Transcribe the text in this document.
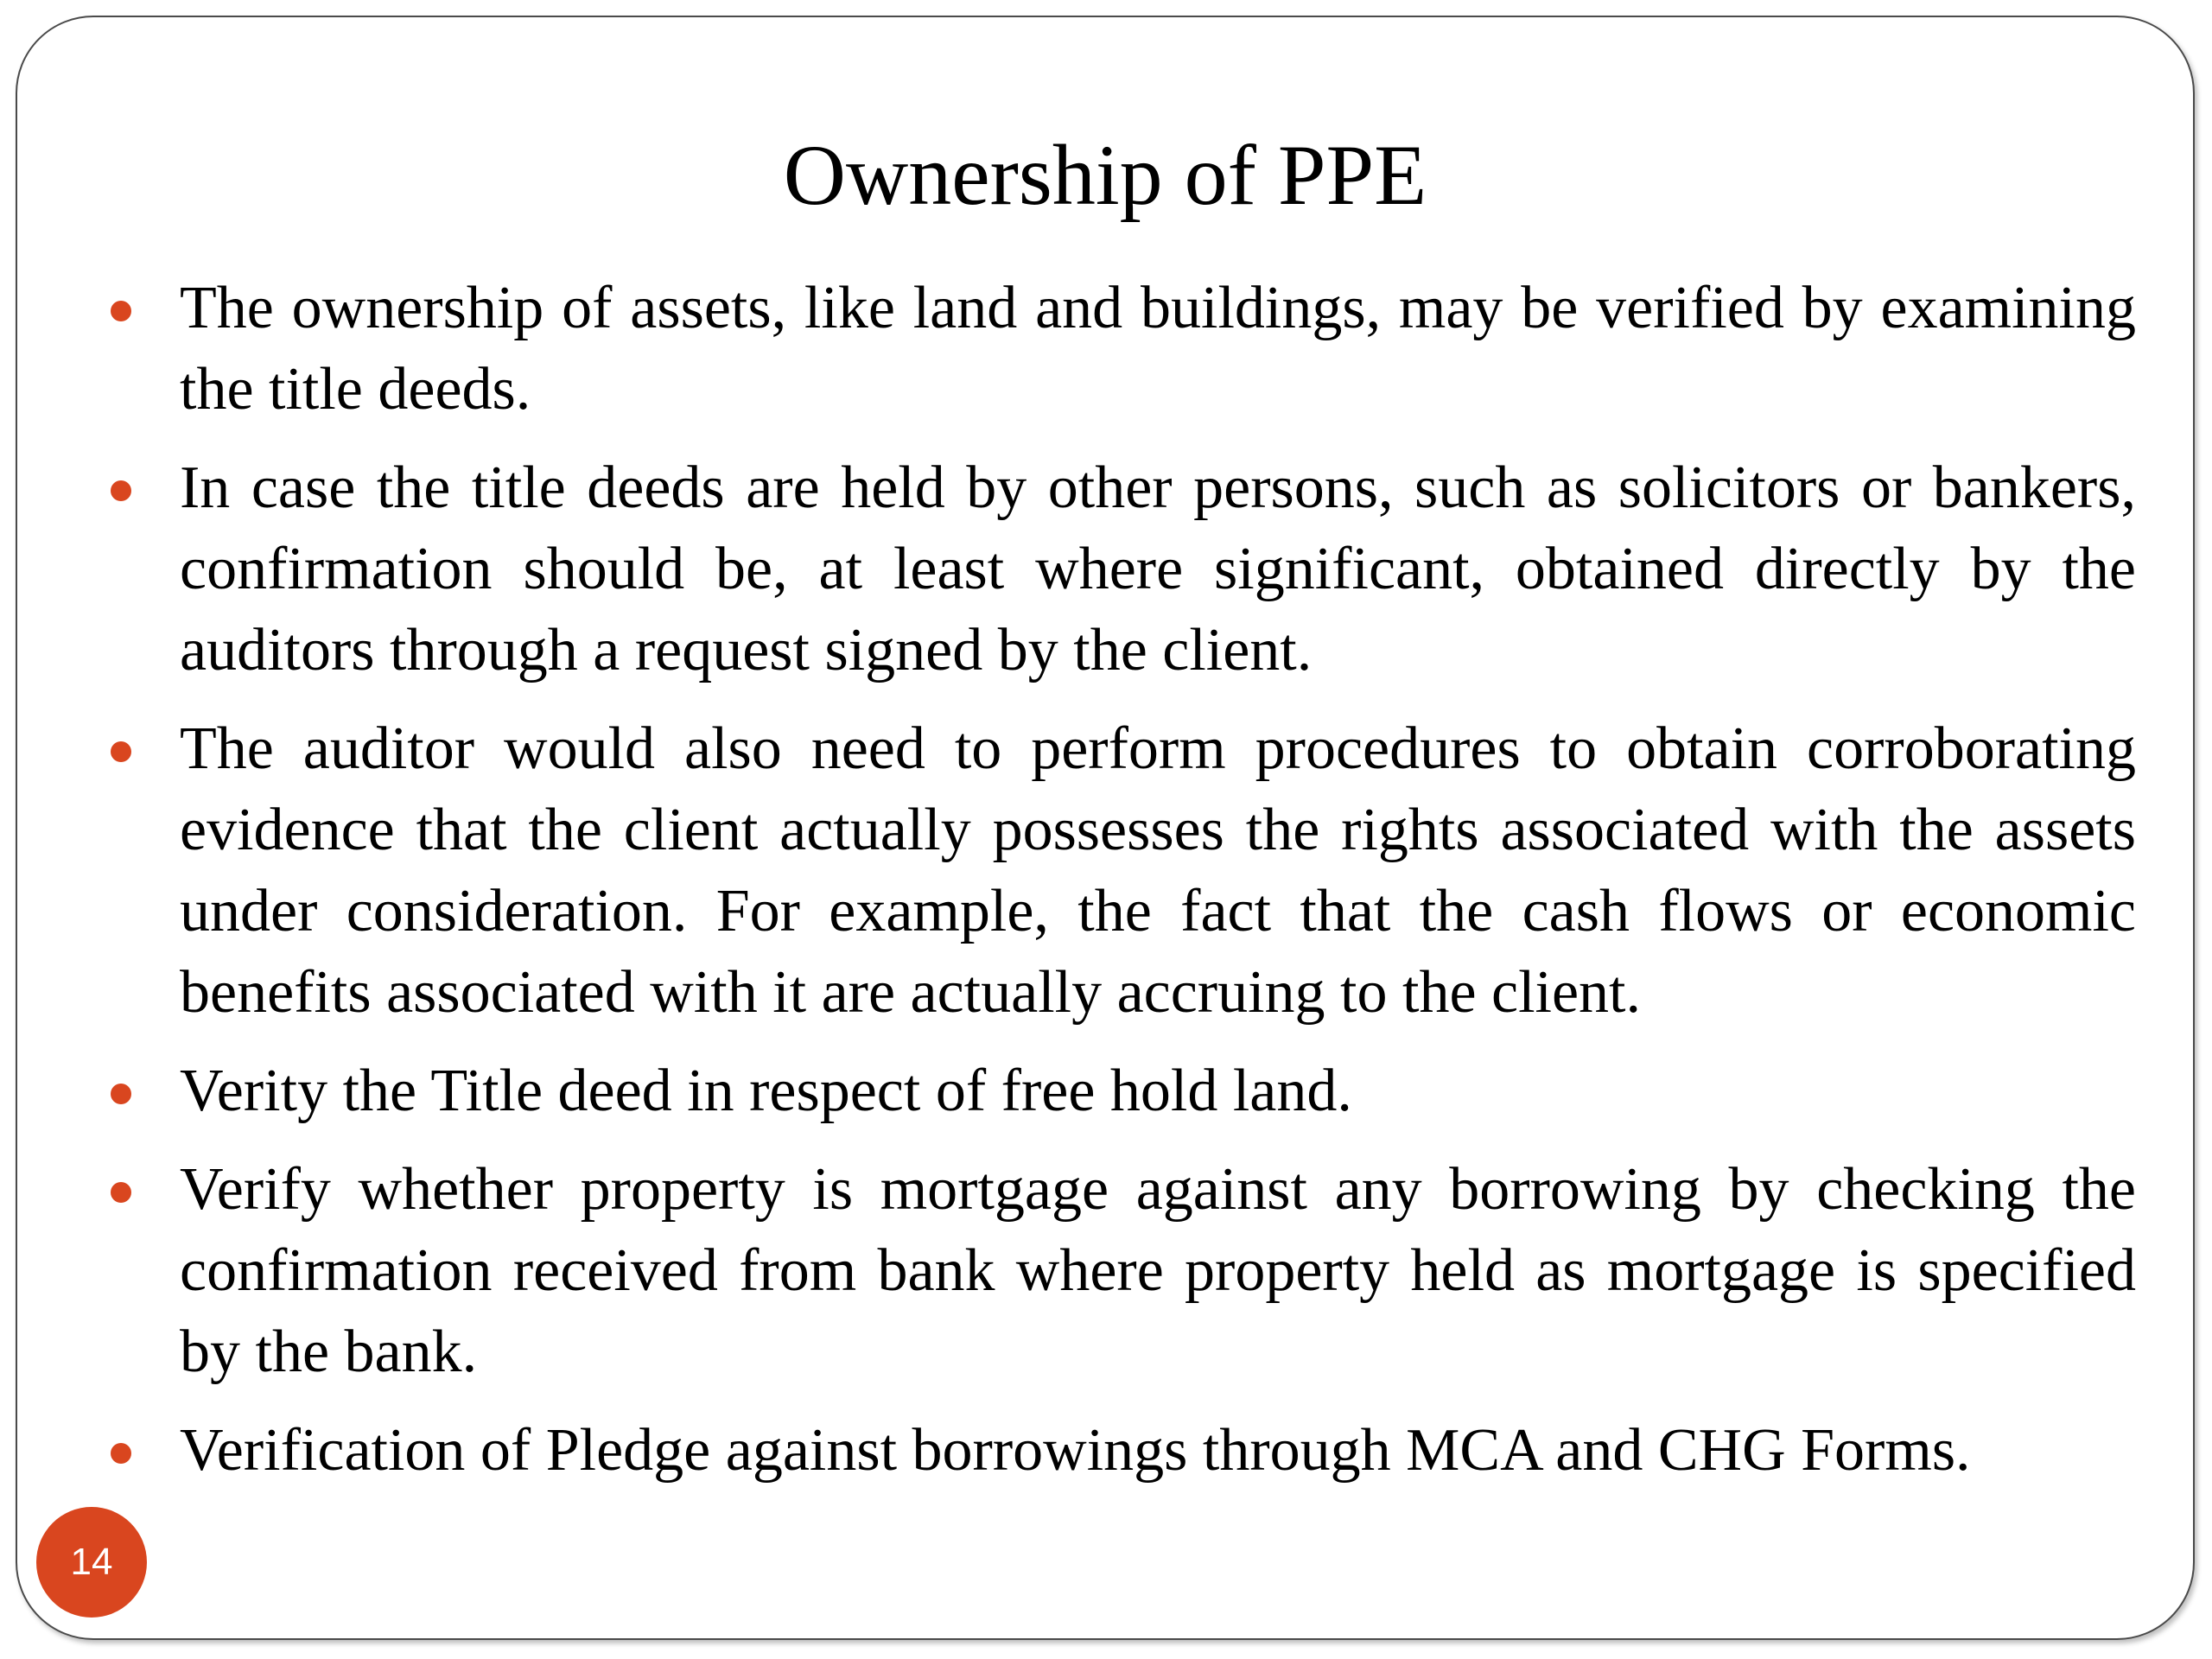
Ownership of PPE
The ownership of assets, like land and buildings, may be verified by examining the title deeds.
In case the title deeds are held by other persons, such as solicitors or bankers, confirmation should be, at least where significant, obtained directly by the auditors through a request signed by the client.
The auditor would also need to perform procedures to obtain corroborating evidence that the client actually possesses the rights associated with the assets under consideration. For example, the fact that the cash flows or economic benefits associated with it are actually accruing to the client.
Verity the Title deed in respect of free hold land.
Verify whether property is mortgage against any borrowing by checking the confirmation received from bank where property held as mortgage is specified by the bank.
Verification of Pledge against borrowings through MCA and CHG Forms.
14
